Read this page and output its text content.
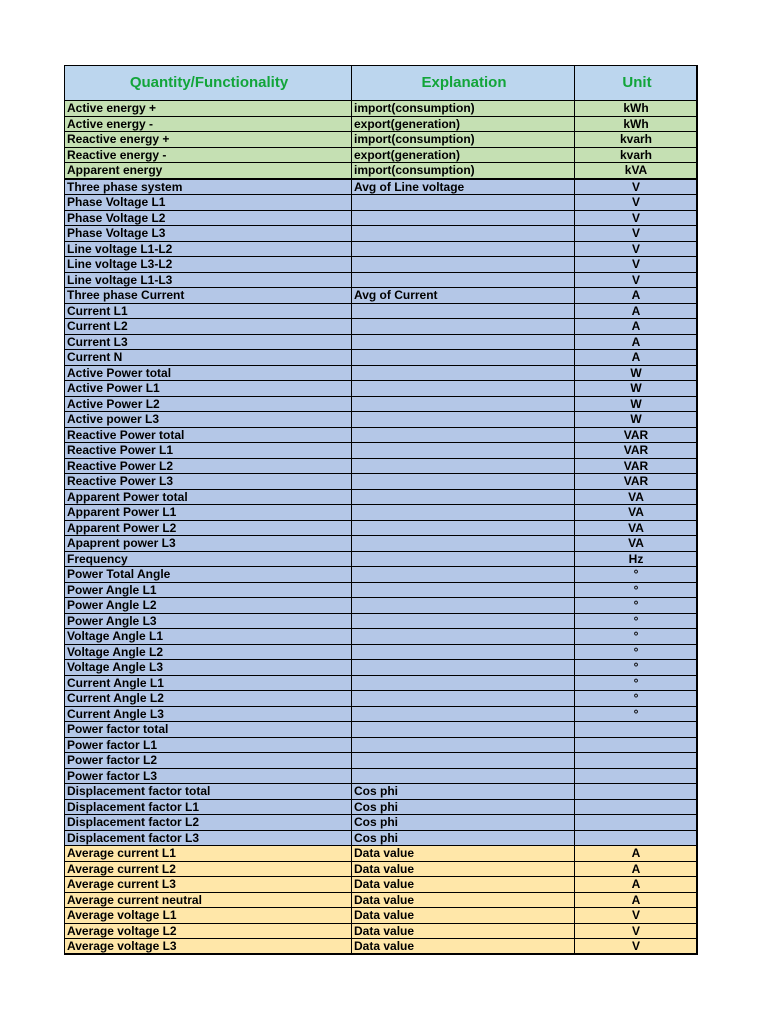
Quantity/Functionality	Explanation	Unit
Active energy +	import(consumption)	kWh
Active energy -	export(generation)	kWh
Reactive energy +	import(consumption)	kvarh
Reactive energy -	export(generation)	kvarh
Apparent energy	import(consumption)	kVA
Three phase system	Avg of Line voltage	V
Phase Voltage L1		V
Phase Voltage L2		V
Phase Voltage L3		V
Line voltage L1-L2		V
Line voltage L3-L2		V
Line voltage L1-L3		V
Three phase Current	Avg of Current	A
Current L1		A
Current L2		A
Current L3		A
Current N		A
Active Power total		W
Active Power L1		W
Active Power L2		W
Active power L3		W
Reactive Power total		VAR
Reactive Power L1		VAR
Reactive Power L2		VAR
Reactive Power L3		VAR
Apparent Power total		VA
Apparent Power L1		VA
Apparent Power L2		VA
Apaprent power L3		VA
Frequency		Hz
Power Total Angle		°
Power Angle L1		°
Power Angle L2		°
Power Angle L3		°
Voltage Angle L1		°
Voltage Angle L2		°
Voltage Angle L3		°
Current Angle L1		°
Current Angle L2		°
Current Angle L3		°
Power factor total		
Power factor L1		
Power factor L2		
Power factor L3		
Displacement factor total	Cos phi	
Displacement factor L1	Cos phi	
Displacement factor L2	Cos phi	
Displacement factor L3	Cos phi	
Average current L1	Data value	A
Average current L2	Data value	A
Average current L3	Data value	A
Average current neutral	Data value	A
Average voltage L1	Data value	V
Average voltage L2	Data value	V
Average voltage L3	Data value	V
